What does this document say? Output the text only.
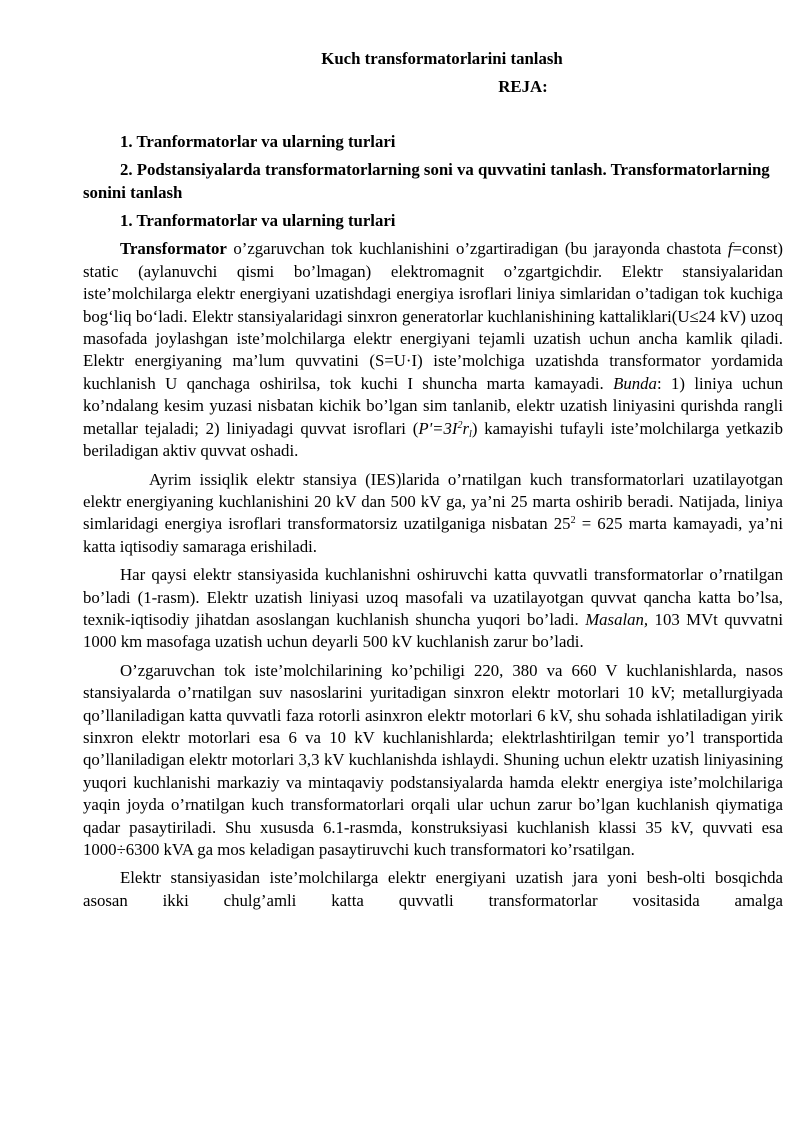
Kuch transformatorlarini tanlash
REJA:
1. Tranformatorlar va ularning turlari
2. Podstansiyalarda transformatorlarning soni va quvvatini tanlash. Transformatorlarning sonini tanlash
1. Tranformatorlar va ularning turlari

Transformator o’zgaruvchan tok kuchlanishini o’zgartiradigan (bu jarayonda chastota f=const) static (aylanuvchi qismi bo’lmagan) elektromagnit o’zgartgichdir. Elektr stansiyalaridan iste’molchilarga elektr energiyani uzatishdagi energiya isroflari liniya simlaridan o’tadigan tok kuchiga bog‘liq bo‘ladi. Elektr stansiyalaridagi sinxron generatorlar kuchlanishining kattaliklari(U≤24 kV) uzoq masofada joylashgan iste’molchilarga elektr energiyani tejamli uzatish uchun ancha kamlik qiladi. Elektr energiyaning ma’lum quvvatini (S=U·I) iste’molchiga uzatishda transformator yordamida kuchlanish U qanchaga oshirilsa, tok kuchi I shuncha marta kamayadi. Bunda: 1) liniya uchun ko’ndalang kesim yuzasi nisbatan kichik bo’lgan sim tanlanib, elektr uzatish liniyasini qurishda rangli metallar tejaladi; 2) liniyadagi quvvat isroflari $(P'=3I^2r_l)$ kamayishi tufayli iste’molchilarga yetkazib beriladigan aktiv quvvat oshadi.

Ayrim issiqlik elektr stansiya (IES)larida o’rnatilgan kuch transformatorlari uzatilayotgan elektr energiyaning kuchlanishini 20 kV dan 500 kV ga, ya’ni 25 marta oshirib beradi. Natijada, liniya simlaridagi energiya isroflari transformatorsiz uzatilganiga nisbatan $25^2 = 625$ marta kamayadi, ya’ni katta iqtisodiy samaraga erishiladi.

Har qaysi elektr stansiyasida kuchlanishni oshiruvchi katta quvvatli transformatorlar o’rnatilgan bo’ladi (1-rasm). Elektr uzatish liniyasi uzoq masofali va uzatilayotgan quvvat qancha katta bo’lsa, texnik-iqtisodiy jihatdan asoslangan kuchlanish shuncha yuqori bo’ladi. Masalan, 103 MVt quvvatni 1000 km masofaga uzatish uchun deyarli 500 kV kuchlanish zarur bo’ladi.

O’zgaruvchan tok iste’molchilarining ko’pchiligi 220, 380 va 660 V kuchlanishlarda, nasos stansiyalarda o’rnatilgan suv nasoslarini yuritadigan sinxron elektr motorlari 10 kV; metallurgiyada qo’llaniladigan katta quvvatli faza rotorli asinxron elektr motorlari 6 kV, shu sohada ishlatiladigan yirik sinxron elektr motorlari esa 6 va 10 kV kuchlanishlarda; elektrlashtirilgan temir yo’l transportida qo’llaniladigan elektr motorlari 3,3 kV kuchlanishda ishlaydi. Shuning uchun elektr uzatish liniyasining yuqori kuchlanishi markaziy va mintaqaviy podstansiyalarda hamda elektr energiya iste’molchilariga yaqin joyda o’rnatilgan kuch transformatorlari orqali ular uchun zarur bo’lgan kuchlanish qiymatiga qadar pasaytiriladi. Shu xususda 6.1-rasmda, konstruksiyasi kuchlanish klassi 35 kV, quvvati esa 1000÷6300 kVA ga mos keladigan pasaytiruvchi kuch transformatori ko’rsatilgan.

Elektr stansiyasidan iste’molchilarga elektr energiyani uzatish jara yoni besh-olti bosqichda asosan ikki chulg’amli katta quvvatli transformatorlar vositasida amalga
